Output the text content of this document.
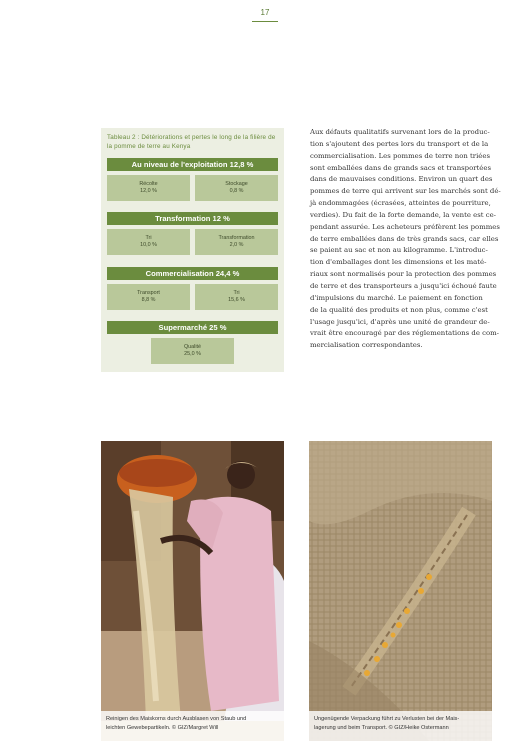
17
Tableau 2 : Détériorations et pertes le long de la filière de la pomme de terre au Kenya
Au niveau de l'exploitation 12,8 %
Récolte
12,0 %
Stockage
0,8 %
Transformation 12 %
Tri
10,0 %
Transformation
2,0 %
Commercialisation 24,4 %
Transport
8,8 %
Tri
15,6 %
Supermarché 25 %
Qualité
25,0 %
Aux défauts qualitatifs survenant lors de la produc-
tion s'ajoutent des pertes lors du transport et de la
commercialisation. Les pommes de terre non triées
sont emballées dans de grands sacs et transportées
dans de mauvaises conditions. Environ un quart des
pommes de terre qui arrivent sur les marchés sont dé-
jà endommagées (écrasées, atteintes de pourriture,
verdies). Du fait de la forte demande, la vente est ce-
pendant assurée. Les acheteurs préfèrent les pommes
de terre emballées dans de très grands sacs, car elles
se paient au sac et non au kilogramme. L'introduc-
tion d'emballages dont les dimensions et les maté-
riaux sont normalisés pour la protection des pommes
de terre et des transporteurs a jusqu'ici échoué faute
d'impulsions du marché. Le paiement en fonction
de la qualité des produits et non plus, comme c'est
l'usage jusqu'ici, d'après une unité de grandeur de-
vrait être encouragé par des réglementations de com-
mercialisation correspondantes.
Reinigen des Maiskorns durch Ausblasen von Staub und
leichten Gewebepartikeln. © GIZ/Margret Will
Ungenügende Verpackung führt zu Verlusten bei der Mais-
lagerung und beim Transport. © GIZ/Heike Ostermann
